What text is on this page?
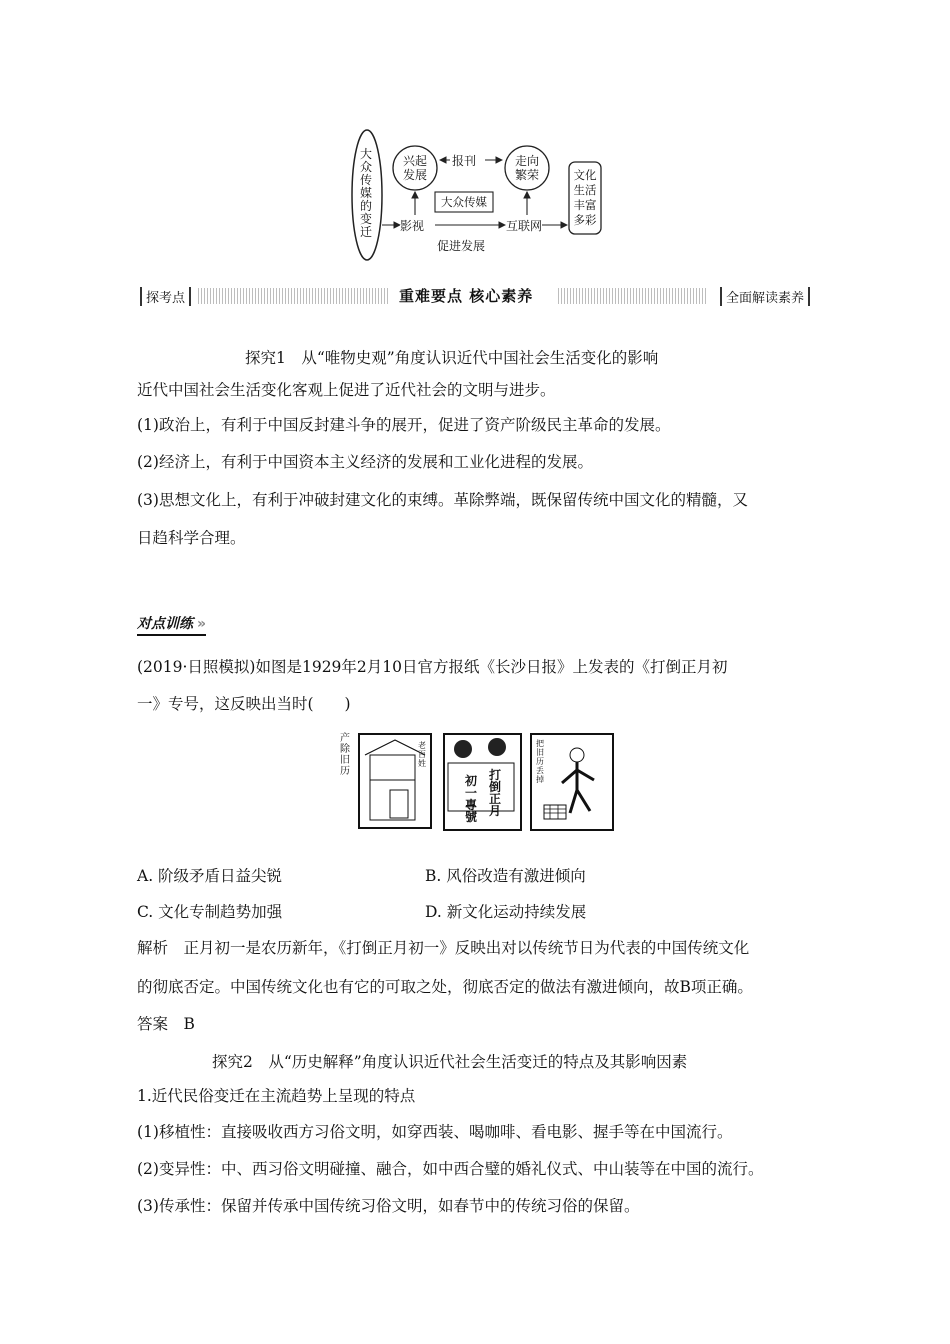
大众传媒的变迁
兴起
发展
走向
繁荣
报刊
大众传媒
影视	互联网
促进发展
文化
生活
丰富
多彩
探考点	重难要点 核心素养	全面解读素养
探究1　从“唯物史观”角度认识近代中国社会生活变化的影响
近代中国社会生活变化客观上促进了近代社会的文明与进步。
(1)政治上，有利于中国反封建斗争的展开，促进了资产阶级民主革命的发展。
(2)经济上，有利于中国资本主义经济的发展和工业化进程的发展。
(3)思想文化上，有利于冲破封建文化的束缚。革除弊端，既保留传统中国文化的精髓，又
日趋科学合理。
对点训练 »
(2019·日照模拟)如图是1929年2月10日官方报纸《长沙日报》上发表的《打倒正月初
一》专号，这反映出当时(　　)
产除旧历
老百姓
打
倒
正
月
初
一
專
號
把
旧
历
丢
掉
A. 阶级矛盾日益尖锐	B. 风俗改造有激进倾向
C. 文化专制趋势加强	D. 新文化运动持续发展
解析　正月初一是农历新年，《打倒正月初一》反映出对以传统节日为代表的中国传统文化
的彻底否定。中国传统文化也有它的可取之处，彻底否定的做法有激进倾向，故B项正确。
答案　B
探究2　从“历史解释”角度认识近代社会生活变迁的特点及其影响因素
1.近代民俗变迁在主流趋势上呈现的特点
(1)移植性：直接吸收西方习俗文明，如穿西装、喝咖啡、看电影、握手等在中国流行。
(2)变异性：中、西习俗文明碰撞、融合，如中西合璧的婚礼仪式、中山装等在中国的流行。
(3)传承性：保留并传承中国传统习俗文明，如春节中的传统习俗的保留。
